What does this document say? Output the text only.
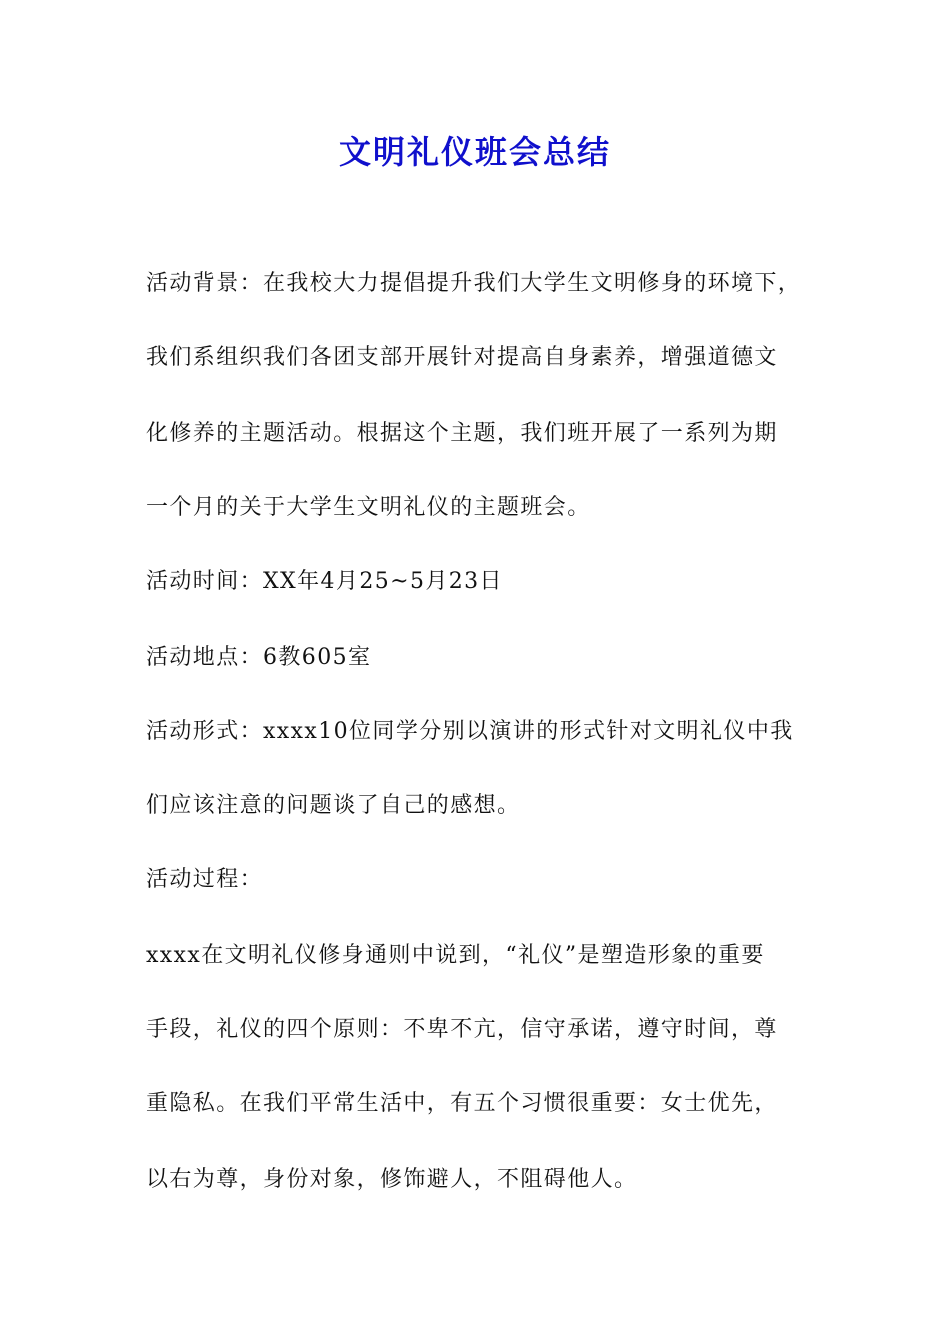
文明礼仪班会总结

活动背景：在我校大力提倡提升我们大学生文明修身的环境下，

我们系组织我们各团支部开展针对提高自身素养，增强道德文

化修养的主题活动。根据这个主题，我们班开展了一系列为期

一个月的关于大学生文明礼仪的主题班会。

活动时间：XX年4月25~5月23日

活动地点：6教605室

活动形式：xxxx10位同学分别以演讲的形式针对文明礼仪中我

们应该注意的问题谈了自己的感想。

活动过程：

xxxx在文明礼仪修身通则中说到，“礼仪”是塑造形象的重要

手段，礼仪的四个原则：不卑不亢，信守承诺，遵守时间，尊

重隐私。在我们平常生活中，有五个习惯很重要：女士优先，

以右为尊，身份对象，修饰避人，不阻碍他人。
